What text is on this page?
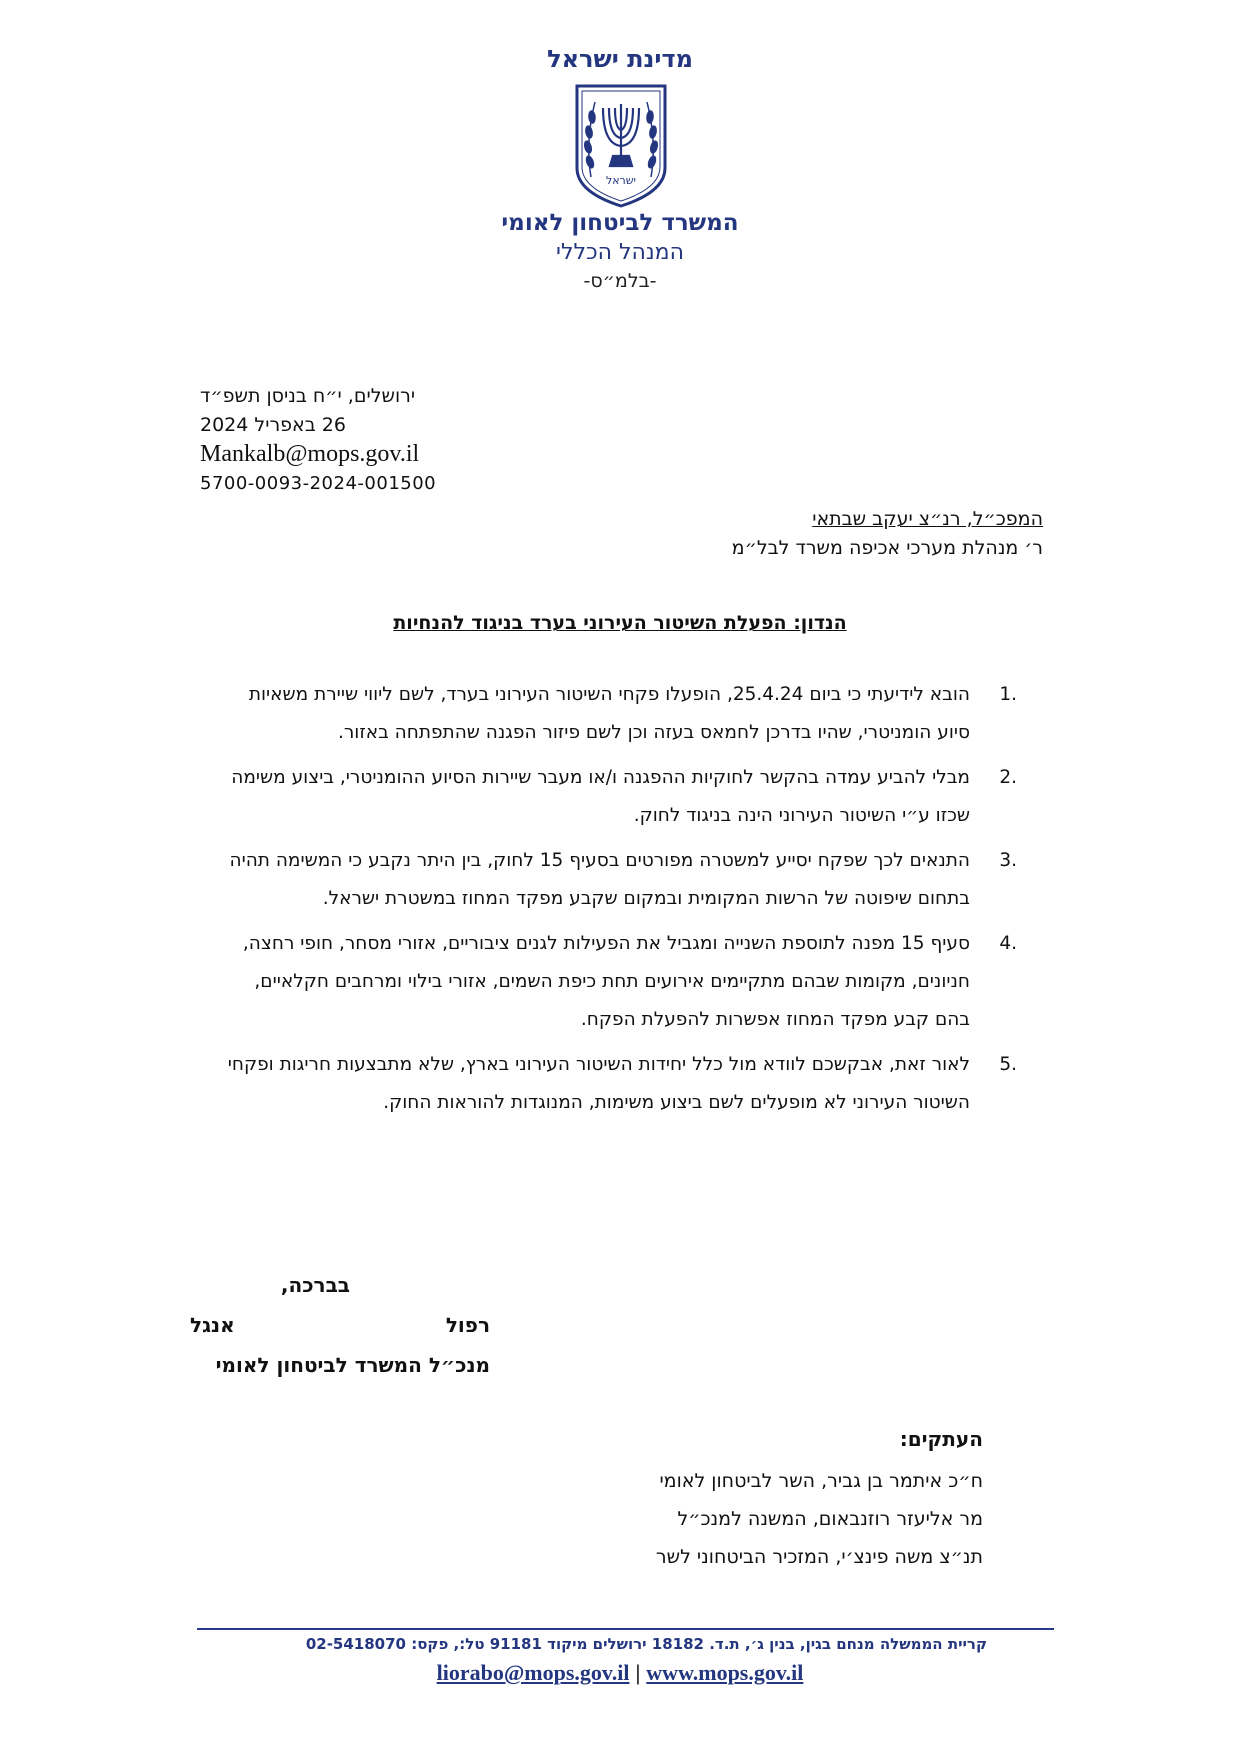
מדינת ישראל
ישראל
המשרד לביטחון לאומי
המנהל הכללי
-בלמ״ס-
ירושלים, י״ח בניסן תשפ״ד
26 באפריל 2024
Mankalb@mops.gov.il
5700-0093-2024-001500
המפכ״ל, רנ״צ יעקב שבתאי
ר׳ מנהלת מערכי אכיפה משרד לבל״מ
הנדון: הפעלת השיטור העירוני בערד בניגוד להנחיות
1.
הובא לידיעתי כי ביום 25.4.24, הופעלו פקחי השיטור העירוני בערד, לשם ליווי שיירת משאיות סיוע הומניטרי, שהיו בדרכן לחמאס בעזה וכן לשם פיזור הפגנה שהתפתחה באזור.
2.
מבלי להביע עמדה בהקשר לחוקיות ההפגנה ו/או מעבר שיירות הסיוע ההומניטרי, ביצוע משימה שכזו ע״י השיטור העירוני הינה בניגוד לחוק.
3.
התנאים לכך שפקח יסייע למשטרה מפורטים בסעיף 15 לחוק, בין היתר נקבע כי המשימה תהיה בתחום שיפוטה של הרשות המקומית ובמקום שקבע מפקד המחוז במשטרת ישראל.
4.
סעיף 15 מפנה לתוספת השנייה ומגביל את הפעילות לגנים ציבוריים, אזורי מסחר, חופי רחצה, חניונים, מקומות שבהם מתקיימים אירועים תחת כיפת השמים, אזורי בילוי ומרחבים חקלאיים, בהם קבע מפקד המחוז אפשרות להפעלת הפקח.
5.
לאור זאת, אבקשכם לוודא מול כלל יחידות השיטור העירוני בארץ, שלא מתבצעות חריגות ופקחי השיטור העירוני לא מופעלים לשם ביצוע משימות, המנוגדות להוראות החוק.
בברכה,
רפול
אנגל
מנכ״ל המשרד לביטחון לאומי
העתקים:
ח״כ איתמר בן גביר, השר לביטחון לאומי
מר אליעזר רוזנבאום, המשנה למנכ״ל
תנ״צ משה פינצ׳י, המזכיר הביטחוני לשר
קריית הממשלה מנחם בגין, בנין ג׳, ת.ד. 18182 ירושלים מיקוד 91181 טל:, פקס: 02-5418070
liorabo@mops.gov.il | www.mops.gov.il
